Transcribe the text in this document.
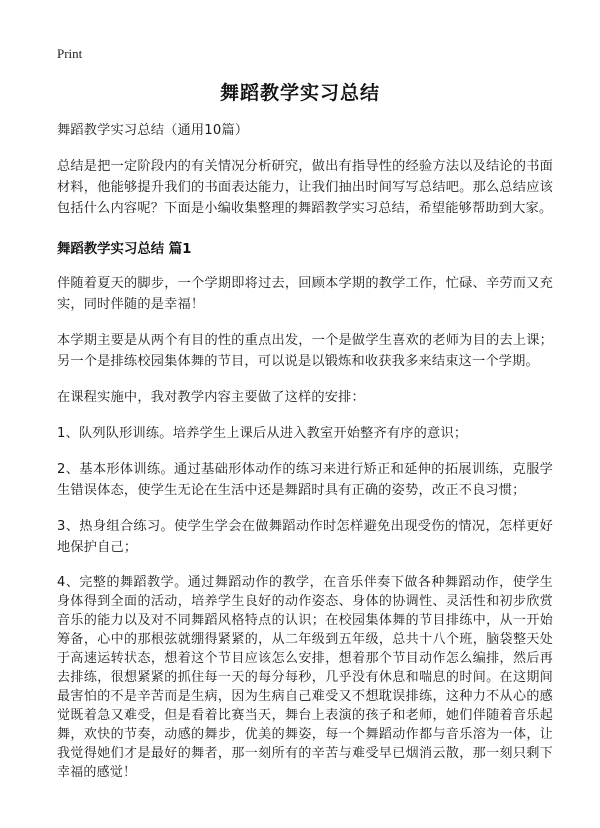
Print
舞蹈教学实习总结

舞蹈教学实习总结（通用10篇）

总结是把一定阶段内的有关情况分析研究，做出有指导性的经验方法以及结论的书面材料，他能够提升我们的书面表达能力，让我们抽出时间写写总结吧。那么总结应该包括什么内容呢？下面是小编收集整理的舞蹈教学实习总结，希望能够帮助到大家。

舞蹈教学实习总结 篇1

伴随着夏天的脚步，一个学期即将过去，回顾本学期的教学工作，忙碌、辛劳而又充实，同时伴随的是幸福！

本学期主要是从两个有目的性的重点出发，一个是做学生喜欢的老师为目的去上课；另一个是排练校园集体舞的节目，可以说是以锻炼和收获我多来结束这一个学期。

在课程实施中，我对教学内容主要做了这样的安排：

1、队列队形训练。培养学生上课后从进入教室开始整齐有序的意识；

2、基本形体训练。通过基础形体动作的练习来进行矫正和延伸的拓展训练，克服学生错误体态，使学生无论在生活中还是舞蹈时具有正确的姿势，改正不良习惯；

3、热身组合练习。使学生学会在做舞蹈动作时怎样避免出现受伤的情况，怎样更好地保护自己；

4、完整的舞蹈教学。通过舞蹈动作的教学，在音乐伴奏下做各种舞蹈动作，使学生身体得到全面的活动，培养学生良好的动作姿态、身体的协调性、灵活性和初步欣赏音乐的能力以及对不同舞蹈风格特点的认识；在校园集体舞的节目排练中，从一开始筹备，心中的那根弦就绷得紧紧的，从二年级到五年级，总共十八个班，脑袋整天处于高速运转状态，想着这个节目应该怎么安排，想着那个节目动作怎么编排，然后再去排练，很想紧紧的抓住每一天的每分每秒，几乎没有休息和喘息的时间。在这期间最害怕的不是辛苦而是生病，因为生病自己难受又不想耽误排练，这种力不从心的感觉既着急又难受，但是看着比赛当天，舞台上表演的孩子和老师，她们伴随着音乐起舞，欢快的节奏，动感的舞步，优美的舞姿，每一个舞蹈动作都与音乐溶为一体，让我觉得她们才是最好的舞者，那一刻所有的辛苦与难受早已烟消云散，那一刻只剩下幸福的感觉！
